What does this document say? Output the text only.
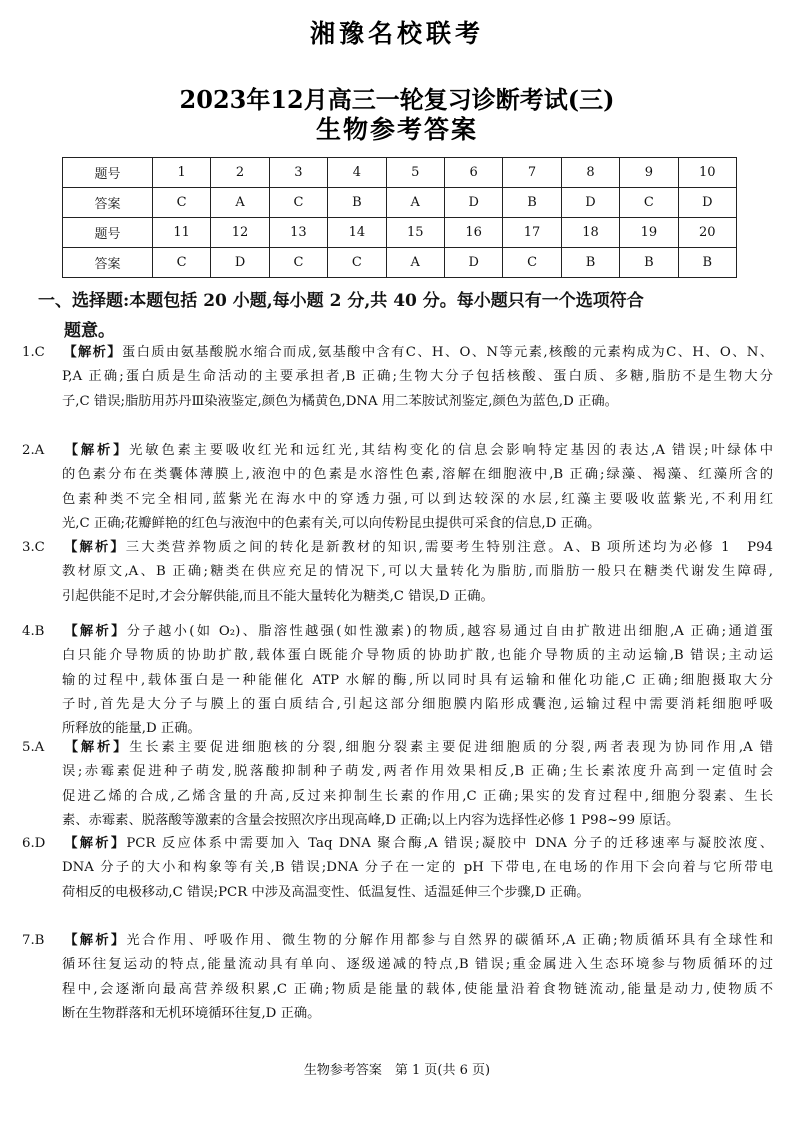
湘豫名校联考
2023年12月高三一轮复习诊断考试(三)
生物参考答案
题号	1	2	3	4	5	6	7	8	9	10
答案	C	A	C	B	A	D	B	D	C	D
题号	11	12	13	14	15	16	17	18	19	20
答案	C	D	C	C	A	D	C	B	B	B
一、选择题:本题包括 20 小题,每小题 2 分,共 40 分。每小题只有一个选项符合
题意。
1.C 【解析】蛋白质由氨基酸脱水缩合而成,氨基酸中含有C、H、O、N等元素,核酸的元素构成为C、H、O、N、
P,A 正确;蛋白质是生命活动的主要承担者,B 正确;生物大分子包括核酸、蛋白质、多糖,脂肪不是生物大分
子,C 错误;脂肪用苏丹Ⅲ染液鉴定,颜色为橘黄色,DNA 用二苯胺试剂鉴定,颜色为蓝色,D 正确。
2.A 【解析】光敏色素主要吸收红光和远红光,其结构变化的信息会影响特定基因的表达,A 错误;叶绿体中
的色素分布在类囊体薄膜上,液泡中的色素是水溶性色素,溶解在细胞液中,B 正确;绿藻、褐藻、红藻所含的
色素种类不完全相同,蓝紫光在海水中的穿透力强,可以到达较深的水层,红藻主要吸收蓝紫光,不利用红
光,C 正确;花瓣鲜艳的红色与液泡中的色素有关,可以向传粉昆虫提供可采食的信息,D 正确。
3.C 【解析】三大类营养物质之间的转化是新教材的知识,需要考生特别注意。A、B 项所述均为必修 1　P94
教材原文,A、B 正确;糖类在供应充足的情况下,可以大量转化为脂肪,而脂肪一般只在糖类代谢发生障碍,
引起供能不足时,才会分解供能,而且不能大量转化为糖类,C 错误,D 正确。
4.B 【解析】分子越小(如 O₂)、脂溶性越强(如性激素)的物质,越容易通过自由扩散进出细胞,A 正确;通道蛋
白只能介导物质的协助扩散,载体蛋白既能介导物质的协助扩散,也能介导物质的主动运输,B 错误;主动运
输的过程中,载体蛋白是一种能催化 ATP 水解的酶,所以同时具有运输和催化功能,C 正确;细胞摄取大分
子时,首先是大分子与膜上的蛋白质结合,引起这部分细胞膜内陷形成囊泡,运输过程中需要消耗细胞呼吸
所释放的能量,D 正确。
5.A 【解析】生长素主要促进细胞核的分裂,细胞分裂素主要促进细胞质的分裂,两者表现为协同作用,A 错
误;赤霉素促进种子萌发,脱落酸抑制种子萌发,两者作用效果相反,B 正确;生长素浓度升高到一定值时会
促进乙烯的合成,乙烯含量的升高,反过来抑制生长素的作用,C 正确;果实的发育过程中,细胞分裂素、生长
素、赤霉素、脱落酸等激素的含量会按照次序出现高峰,D 正确;以上内容为选择性必修 1 P98~99 原话。
6.D 【解析】PCR 反应体系中需要加入 Taq DNA 聚合酶,A 错误;凝胶中 DNA 分子的迁移速率与凝胶浓度、
DNA 分子的大小和构象等有关,B 错误;DNA 分子在一定的 pH 下带电,在电场的作用下会向着与它所带电
荷相反的电极移动,C 错误;PCR 中涉及高温变性、低温复性、适温延伸三个步骤,D 正确。
7.B 【解析】光合作用、呼吸作用、微生物的分解作用都参与自然界的碳循环,A 正确;物质循环具有全球性和
循环往复运动的特点,能量流动具有单向、逐级递减的特点,B 错误;重金属进入生态环境参与物质循环的过
程中,会逐渐向最高营养级积累,C 正确;物质是能量的载体,使能量沿着食物链流动,能量是动力,使物质不
断在生物群落和无机环境循环往复,D 正确。
生物参考答案　第 1 页(共 6 页)
